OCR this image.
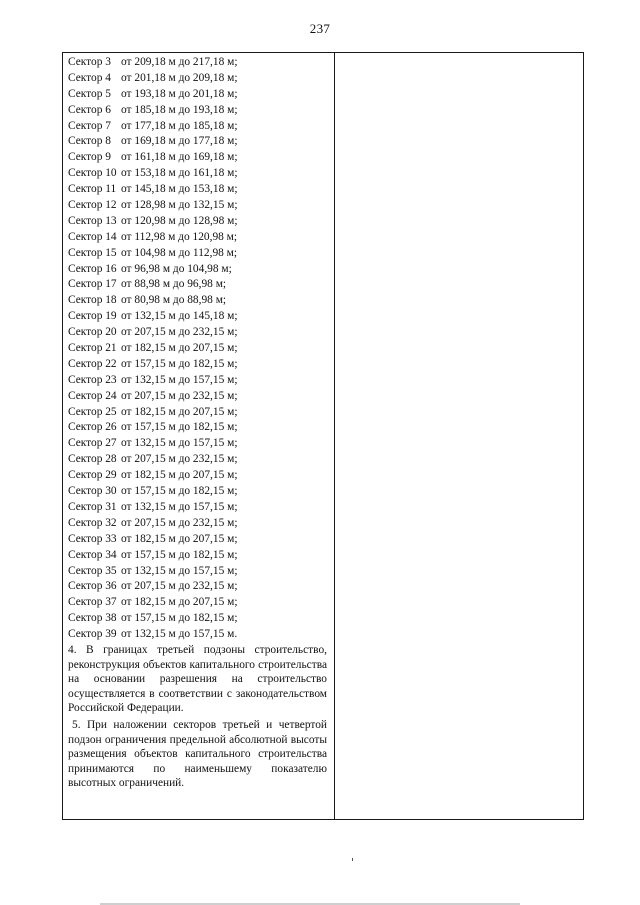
237
Сектор 3 от 209,18 м до 217,18 м;
Сектор 4 от 201,18 м до 209,18 м;
Сектор 5 от 193,18 м до 201,18 м;
Сектор 6 от 185,18 м до 193,18 м;
Сектор 7 от 177,18 м до 185,18 м;
Сектор 8 от 169,18 м до 177,18 м;
Сектор 9 от 161,18 м до 169,18 м;
Сектор 10 от 153,18 м до 161,18 м;
Сектор 11 от 145,18 м до 153,18 м;
Сектор 12 от 128,98 м до 132,15 м;
Сектор 13 от 120,98 м до 128,98 м;
Сектор 14 от 112,98 м до 120,98 м;
Сектор 15 от 104,98 м до 112,98 м;
Сектор 16 от 96,98 м до 104,98 м;
Сектор 17 от 88,98 м до 96,98 м;
Сектор 18 от 80,98 м до 88,98 м;
Сектор 19 от 132,15 м до 145,18 м;
Сектор 20 от 207,15 м до 232,15 м;
Сектор 21 от 182,15 м до 207,15 м;
Сектор 22 от 157,15 м до 182,15 м;
Сектор 23 от 132,15 м до 157,15 м;
Сектор 24 от 207,15 м до 232,15 м;
Сектор 25 от 182,15 м до 207,15 м;
Сектор 26 от 157,15 м до 182,15 м;
Сектор 27 от 132,15 м до 157,15 м;
Сектор 28 от 207,15 м до 232,15 м;
Сектор 29 от 182,15 м до 207,15 м;
Сектор 30 от 157,15 м до 182,15 м;
Сектор 31 от 132,15 м до 157,15 м;
Сектор 32 от 207,15 м до 232,15 м;
Сектор 33 от 182,15 м до 207,15 м;
Сектор 34 от 157,15 м до 182,15 м;
Сектор 35 от 132,15 м до 157,15 м;
Сектор 36 от 207,15 м до 232,15 м;
Сектор 37 от 182,15 м до 207,15 м;
Сектор 38 от 157,15 м до 182,15 м;
Сектор 39 от 132,15 м до 157,15 м.
4. В границах третьей подзоны строительство, реконструкция объектов капитального строительства на основании разрешения на строительство осуществляется в соответствии с законодательством Российской Федерации.
5. При наложении секторов третьей и четвертой подзон ограничения предельной абсолютной высоты размещения объектов капитального строительства принимаются по наименьшему показателю высотных ограничений.
